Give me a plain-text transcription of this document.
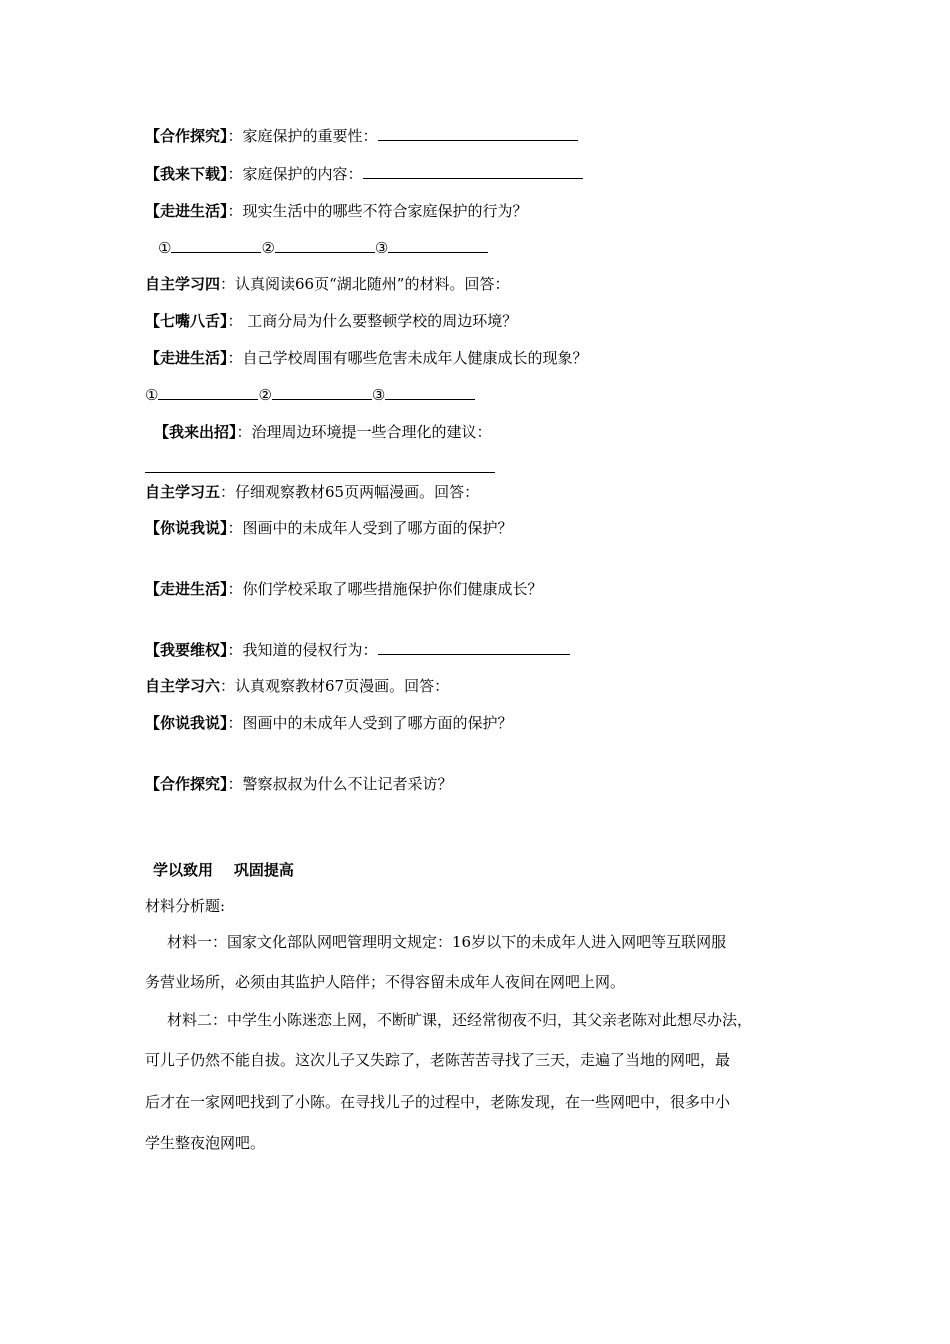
【合作探究】：家庭保护的重要性：
【我来下载】：家庭保护的内容：
【走进生活】：现实生活中的哪些不符合家庭保护的行为？
①	②	③
自主学习四：认真阅读66页“湖北随州”的材料。回答：
【七嘴八舌】： 工商分局为什么要整顿学校的周边环境？
【走进生活】：自己学校周围有哪些危害未成年人健康成长的现象？
①	②	③
【我来出招】：治理周边环境提一些合理化的建议：
自主学习五：仔细观察教材65页两幅漫画。回答：
【你说我说】：图画中的未成年人受到了哪方面的保护？
【走进生活】：你们学校采取了哪些措施保护你们健康成长？
【我要维权】：我知道的侵权行为：
自主学习六：认真观察教材67页漫画。回答：
【你说我说】：图画中的未成年人受到了哪方面的保护？
【合作探究】：警察叔叔为什么不让记者采访？
学以致用    巩固提高
材料分析题:
材料一：国家文化部队网吧管理明文规定：16岁以下的未成年人进入网吧等互联网服
务营业场所，必须由其监护人陪伴；不得容留未成年人夜间在网吧上网。
材料二：中学生小陈迷恋上网，不断旷课，还经常彻夜不归，其父亲老陈对此想尽办法，
可儿子仍然不能自拔。这次儿子又失踪了，老陈苦苦寻找了三天，走遍了当地的网吧，最
后才在一家网吧找到了小陈。在寻找儿子的过程中，老陈发现，在一些网吧中，很多中小
学生整夜泡网吧。
